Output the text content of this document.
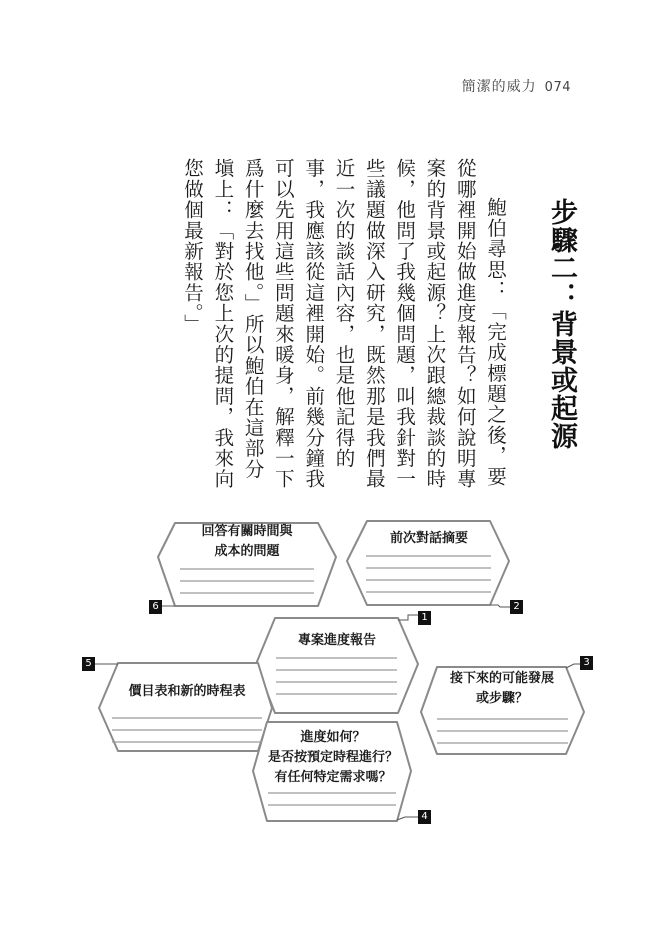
簡潔的威力 074
步驟二：背景或起源

鮑伯尋思：「完成標題之後，要從哪裡開始做進度報告？如何說明專案的背景或起源？上次跟總裁談的時候，他問了我幾個問題，叫我針對一些議題做深入研究，既然那是我們最近一次的談話內容，也是他記得的事，我應該從這裡開始。前幾分鐘我可以先用這些問題來暖身，解釋一下爲什麼去找他。」所以鮑伯在這部分塡上：「對於您上次的提問，我來向您做個最新報告。」

1
2
3
4
5
6
回答有關時間與
成本的問題
前次對話摘要
專案進度報告
價目表和新的時程表
接下來的可能發展
或步驟？
進度如何？
是否按預定時程進行？
有任何特定需求嗎？
